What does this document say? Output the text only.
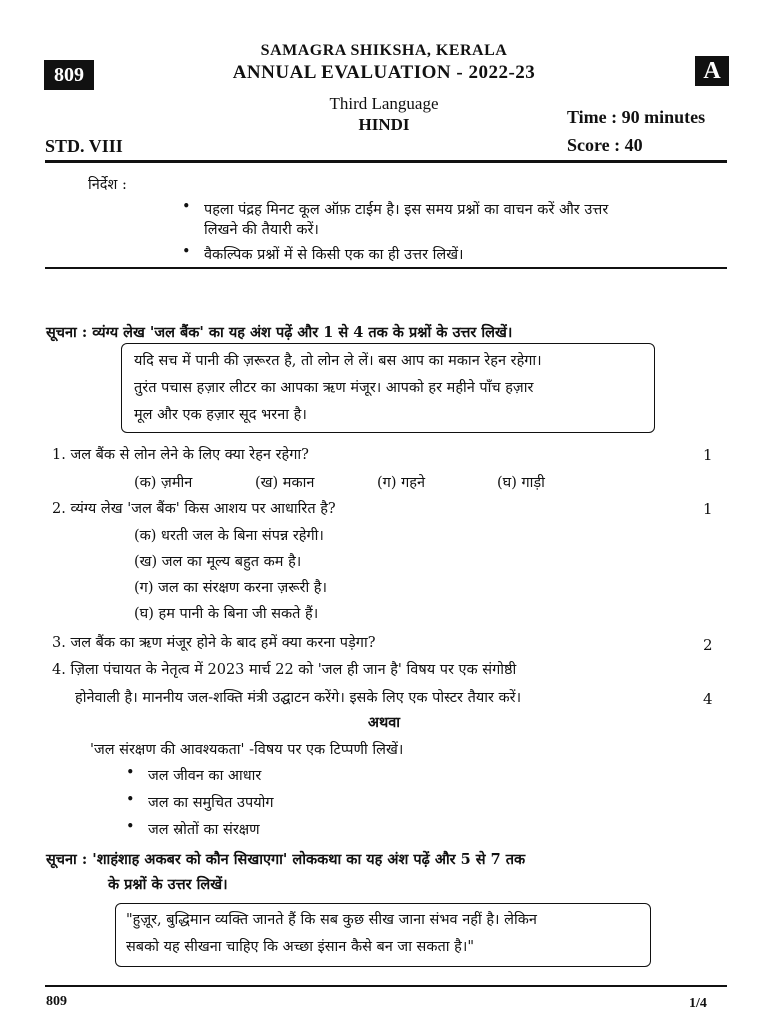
809	A
SAMAGRA SHIKSHA, KERALA
ANNUAL EVALUATION - 2022-23
Third Language
HINDI	Time : 90 minutes
Score : 40
STD. VIII
निर्देश :
• पहला पंद्रह मिनट कूल ऑफ़ टाईम है। इस समय प्रश्नों का वाचन करें और उत्तर
लिखने की तैयारी करें।
• वैकल्पिक प्रश्नों में से किसी एक का ही उत्तर लिखें।
सूचना : व्यंग्य लेख 'जल बैंक' का यह अंश पढ़ें और 1 से 4 तक के प्रश्नों के उत्तर लिखें।
यदि सच में पानी की ज़रूरत है, तो लोन ले लें। बस आप का मकान रेहन रहेगा।
तुरंत पचास हज़ार लीटर का आपका ऋण मंजूर। आपको हर महीने पाँच हज़ार
मूल और एक हज़ार सूद भरना है।
1. जल बैंक से लोन लेने के लिए क्या रेहन रहेगा?	1
(क) ज़मीन	(ख) मकान	(ग) गहने	(घ) गाड़ी
2. व्यंग्य लेख 'जल बैंक' किस आशय पर आधारित है?	1
(क) धरती जल के बिना संपन्न रहेगी।
(ख) जल का मूल्य बहुत कम है।
(ग) जल का संरक्षण करना ज़रूरी है।
(घ) हम पानी के बिना जी सकते हैं।
3. जल बैंक का ऋण मंजूर होने के बाद हमें क्या करना पड़ेगा?	2
4. ज़िला पंचायत के नेतृत्व में 2023 मार्च 22 को 'जल ही जान है' विषय पर एक संगोष्ठी
होनेवाली है। माननीय जल-शक्ति मंत्री उद्घाटन करेंगे। इसके लिए एक पोस्टर तैयार करें।	4
अथवा
'जल संरक्षण की आवश्यकता' -विषय पर एक टिप्पणी लिखें।
• जल जीवन का आधार
• जल का समुचित उपयोग
• जल स्रोतों का संरक्षण
सूचना : 'शाहंशाह अकबर को कौन सिखाएगा' लोककथा का यह अंश पढ़ें और 5 से 7 तक
के प्रश्नों के उत्तर लिखें।
"हुज़ूर, बुद्धिमान व्यक्ति जानते हैं कि सब कुछ सीख जाना संभव नहीं है। लेकिन
सबको यह सीखना चाहिए कि अच्छा इंसान कैसे बन जा सकता है।"
809	1/4
